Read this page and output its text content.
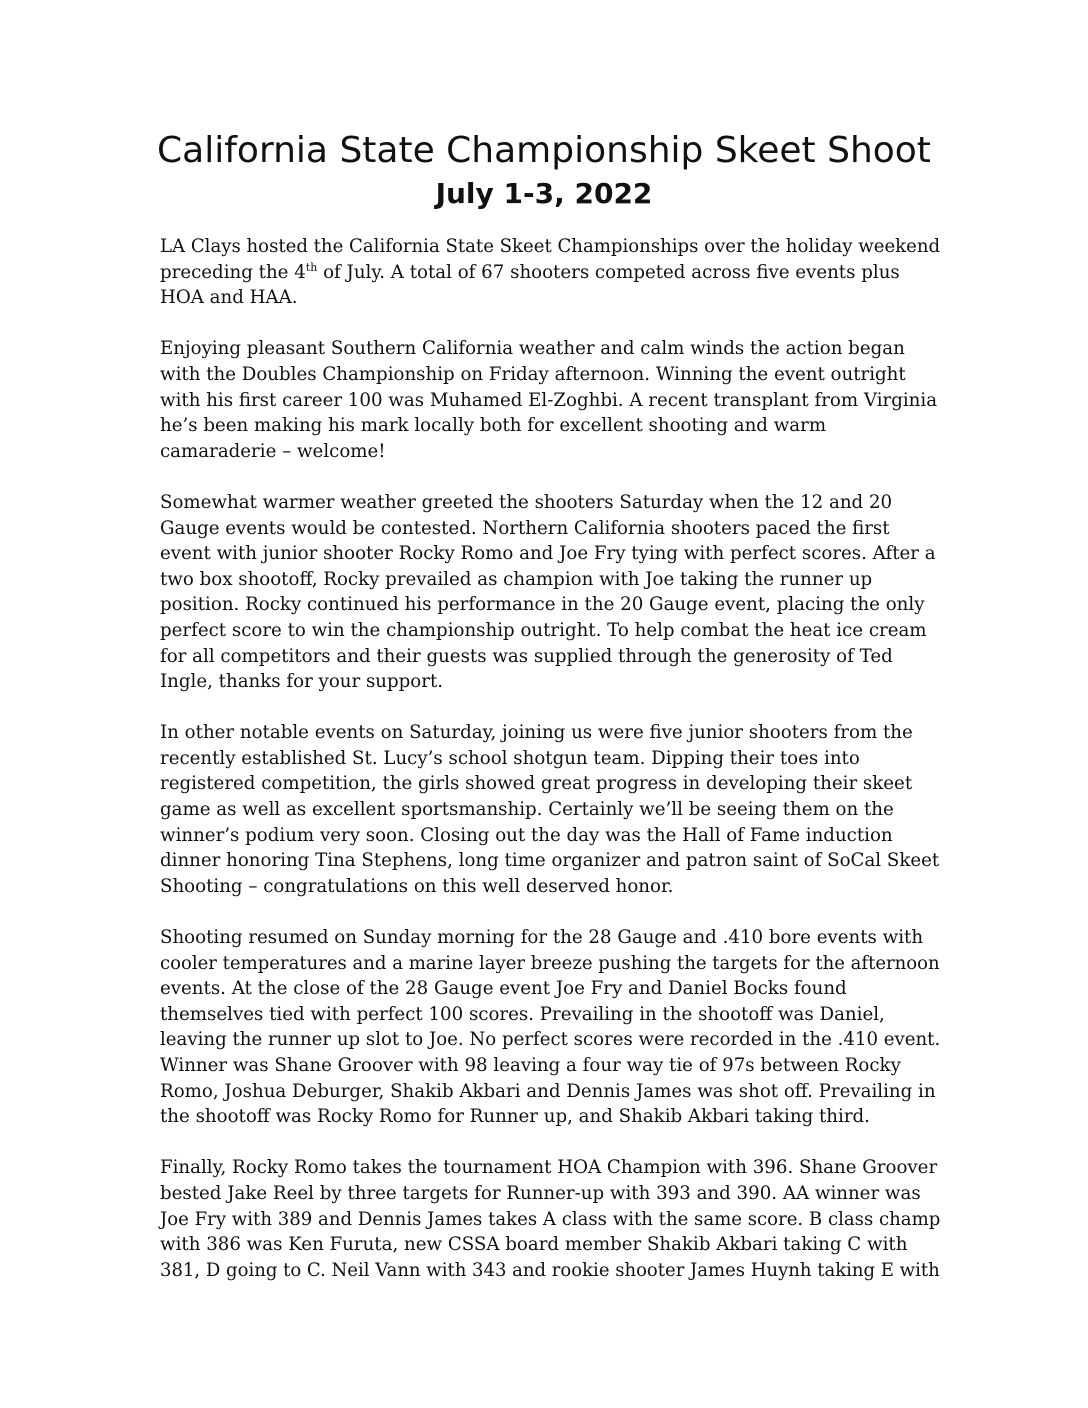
California State Championship Skeet Shoot
July 1-3, 2022

LA Clays hosted the California State Skeet Championships over the holiday weekend
preceding the 4th of July. A total of 67 shooters competed across five events plus
HOA and HAA.

Enjoying pleasant Southern California weather and calm winds the action began
with the Doubles Championship on Friday afternoon. Winning the event outright
with his first career 100 was Muhamed El-Zoghbi. A recent transplant from Virginia
he’s been making his mark locally both for excellent shooting and warm
camaraderie – welcome!

Somewhat warmer weather greeted the shooters Saturday when the 12 and 20
Gauge events would be contested. Northern California shooters paced the first
event with junior shooter Rocky Romo and Joe Fry tying with perfect scores. After a
two box shootoff, Rocky prevailed as champion with Joe taking the runner up
position. Rocky continued his performance in the 20 Gauge event, placing the only
perfect score to win the championship outright. To help combat the heat ice cream
for all competitors and their guests was supplied through the generosity of Ted
Ingle, thanks for your support.

In other notable events on Saturday, joining us were five junior shooters from the
recently established St. Lucy’s school shotgun team. Dipping their toes into
registered competition, the girls showed great progress in developing their skeet
game as well as excellent sportsmanship. Certainly we’ll be seeing them on the
winner’s podium very soon. Closing out the day was the Hall of Fame induction
dinner honoring Tina Stephens, long time organizer and patron saint of SoCal Skeet
Shooting – congratulations on this well deserved honor.

Shooting resumed on Sunday morning for the 28 Gauge and .410 bore events with
cooler temperatures and a marine layer breeze pushing the targets for the afternoon
events. At the close of the 28 Gauge event Joe Fry and Daniel Bocks found
themselves tied with perfect 100 scores. Prevailing in the shootoff was Daniel,
leaving the runner up slot to Joe. No perfect scores were recorded in the .410 event.
Winner was Shane Groover with 98 leaving a four way tie of 97s between Rocky
Romo, Joshua Deburger, Shakib Akbari and Dennis James was shot off. Prevailing in
the shootoff was Rocky Romo for Runner up, and Shakib Akbari taking third.

Finally, Rocky Romo takes the tournament HOA Champion with 396. Shane Groover
bested Jake Reel by three targets for Runner-up with 393 and 390. AA winner was
Joe Fry with 389 and Dennis James takes A class with the same score. B class champ
with 386 was Ken Furuta, new CSSA board member Shakib Akbari taking C with
381, D going to C. Neil Vann with 343 and rookie shooter James Huynh taking E with
